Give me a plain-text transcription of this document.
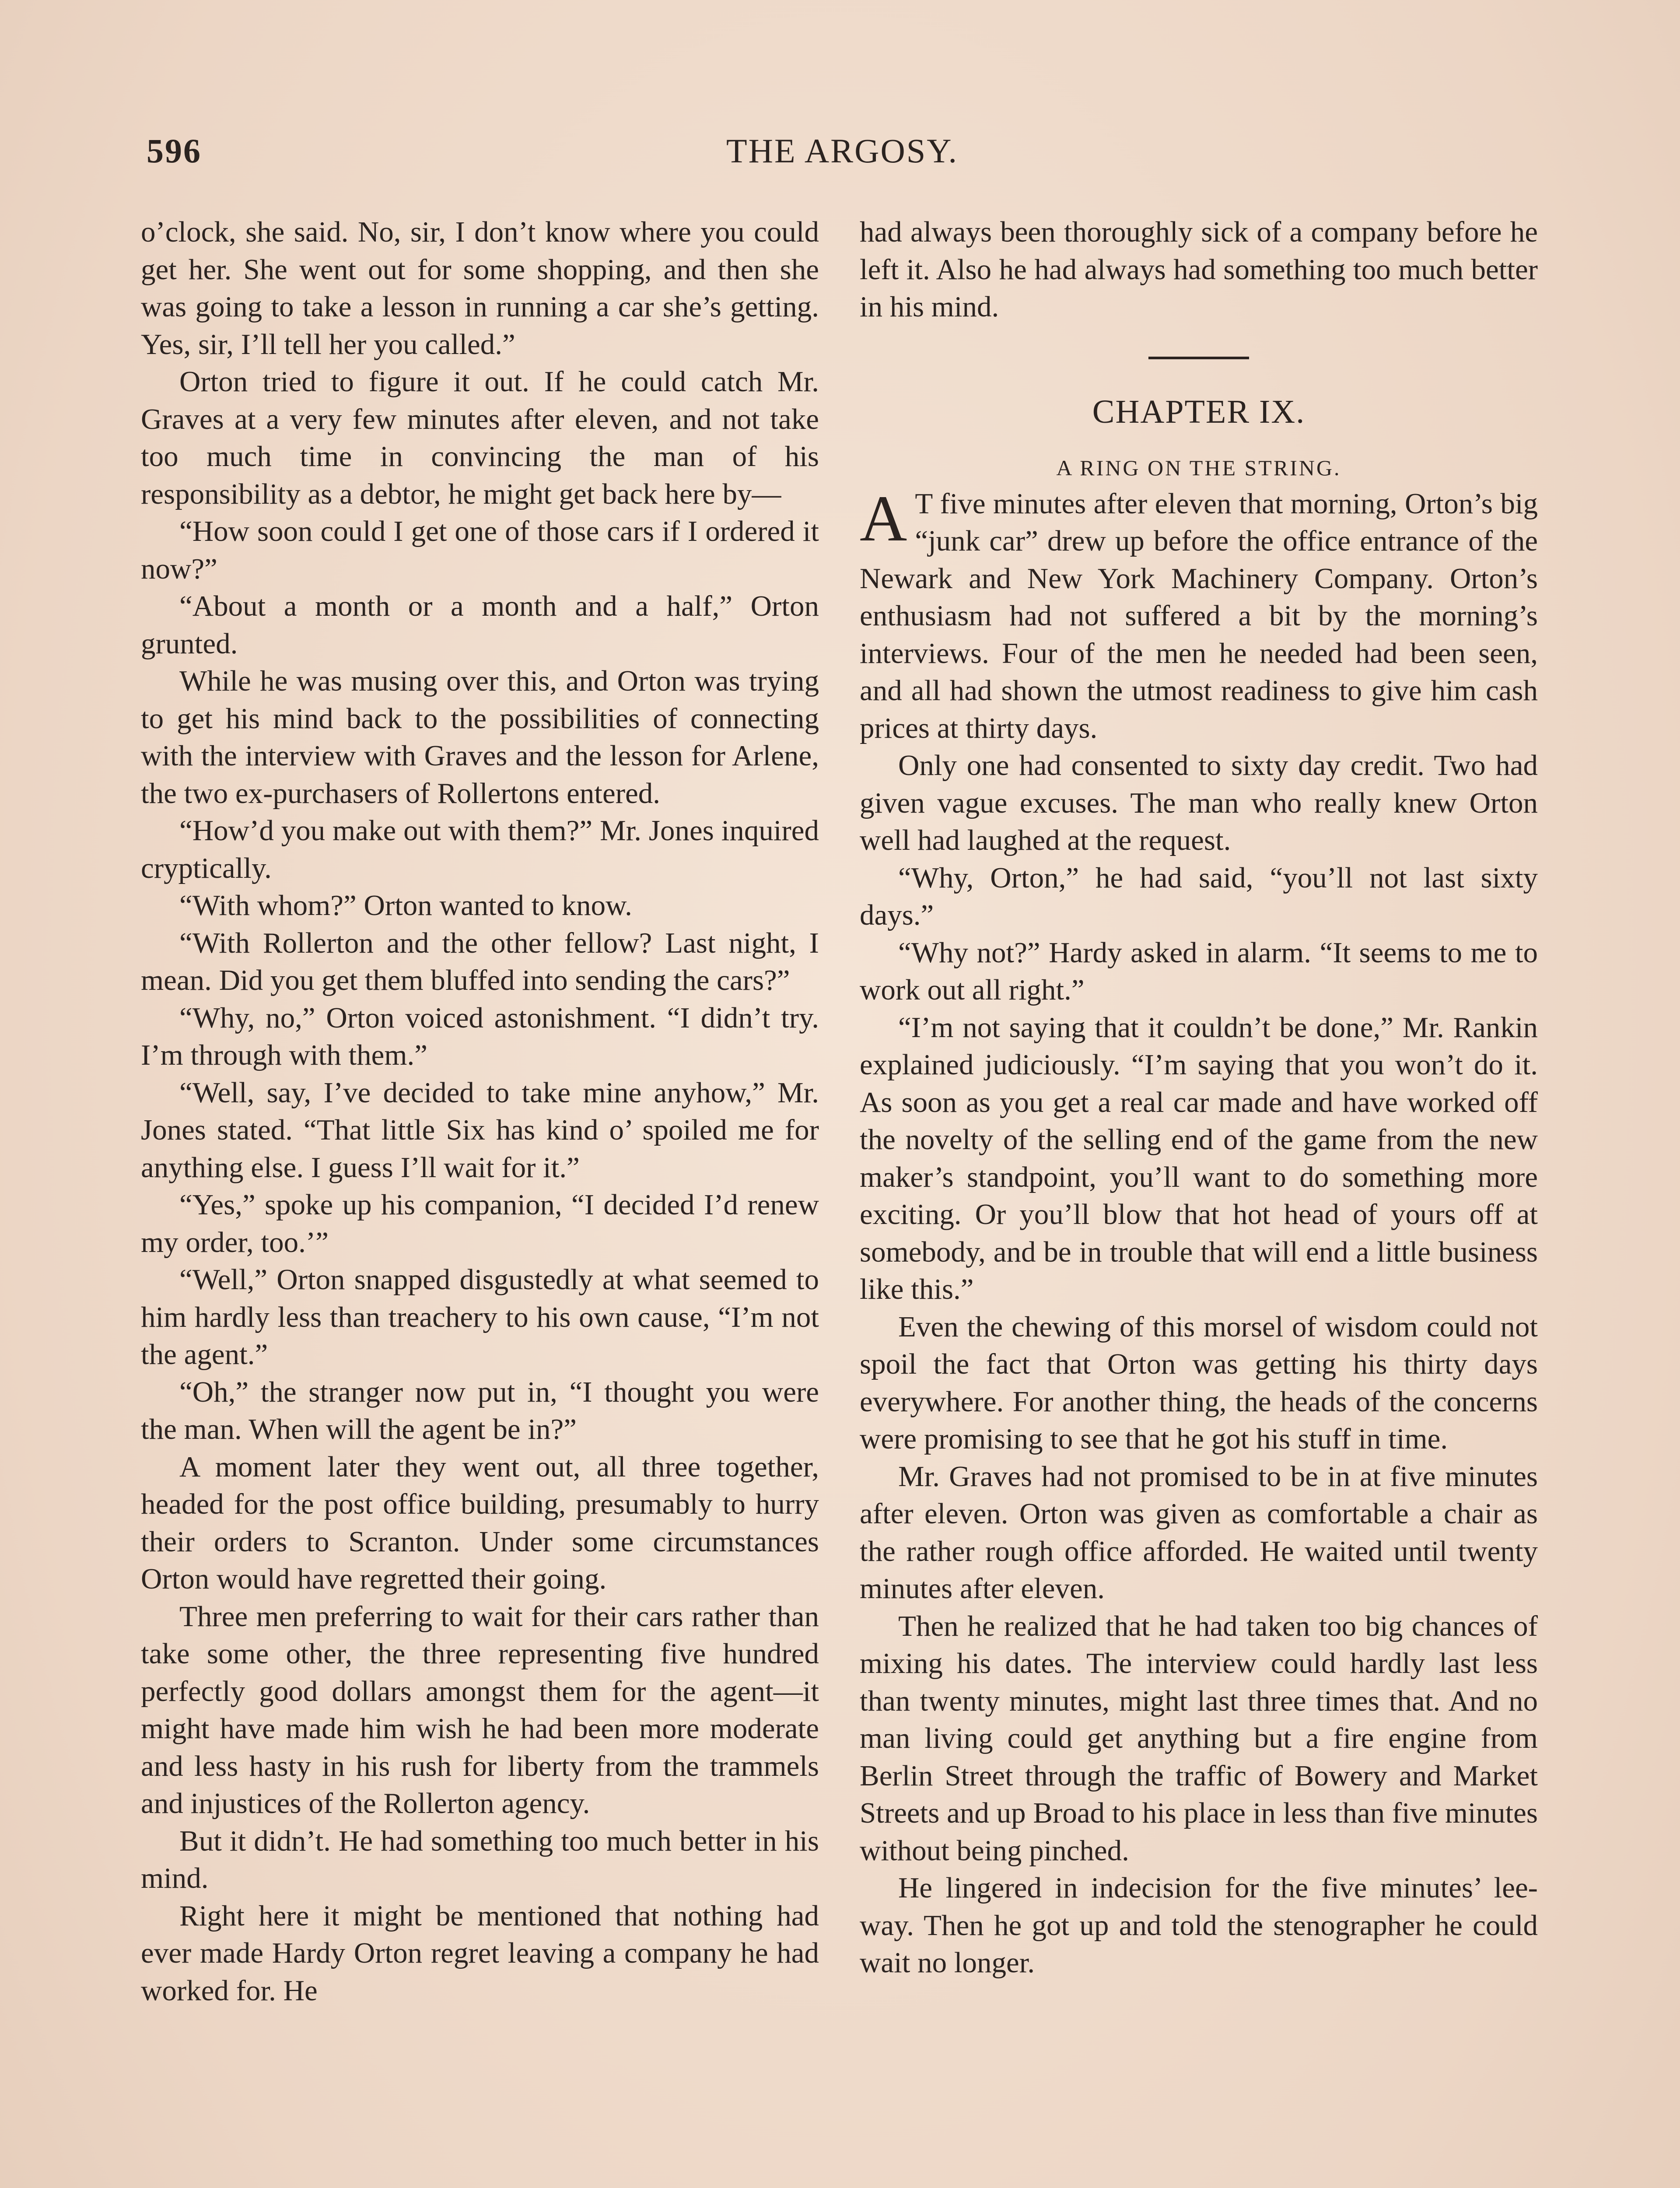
596	THE ARGOSY.

o’clock, she said. No, sir, I don’t know where you could get her. She went out for some shopping, and then she was going to take a lesson in running a car she’s getting. Yes, sir, I’ll tell her you called.”

Orton tried to figure it out. If he could catch Mr. Graves at a very few minutes after eleven, and not take too much time in convincing the man of his responsibility as a debtor, he might get back here by—

“How soon could I get one of those cars if I ordered it now?”

“About a month or a month and a half,” Orton grunted.

While he was musing over this, and Orton was trying to get his mind back to the possibilities of connecting with the interview with Graves and the lesson for Arlene, the two ex-purchasers of Rollertons entered.

“How’d you make out with them?” Mr. Jones inquired cryptically.

“With whom?” Orton wanted to know.

“With Rollerton and the other fellow? Last night, I mean. Did you get them bluffed into sending the cars?”

“Why, no,” Orton voiced astonishment. “I didn’t try. I’m through with them.”

“Well, say, I’ve decided to take mine anyhow,” Mr. Jones stated. “That little Six has kind o’ spoiled me for anything else. I guess I’ll wait for it.”

“Yes,” spoke up his companion, “I decided I’d renew my order, too.’”

“Well,” Orton snapped disgustedly at what seemed to him hardly less than treachery to his own cause, “I’m not the agent.”

“Oh,” the stranger now put in, “I thought you were the man. When will the agent be in?”

A moment later they went out, all three together, headed for the post office building, presumably to hurry their orders to Scranton. Under some circumstances Orton would have regretted their going.

Three men preferring to wait for their cars rather than take some other, the three representing five hundred perfectly good dollars amongst them for the agent—it might have made him wish he had been more moderate and less hasty in his rush for liberty from the trammels and injustices of the Rollerton agency.

But it didn’t. He had something too much better in his mind.

Right here it might be mentioned that nothing had ever made Hardy Orton regret leaving a company he had worked for. He

had always been thoroughly sick of a company before he left it. Also he had always had something too much better in his mind.

CHAPTER IX.
A RING ON THE STRING.

A T five minutes after eleven that morning, Orton’s big “junk car” drew up before the office entrance of the Newark and New York Machinery Company. Orton’s enthusiasm had not suffered a bit by the morning’s interviews. Four of the men he needed had been seen, and all had shown the utmost readiness to give him cash prices at thirty days.

Only one had consented to sixty day credit. Two had given vague excuses. The man who really knew Orton well had laughed at the request.

“Why, Orton,” he had said, “you’ll not last sixty days.”

“Why not?” Hardy asked in alarm. “It seems to me to work out all right.”

“I’m not saying that it couldn’t be done,” Mr. Rankin explained judiciously. “I’m saying that you won’t do it. As soon as you get a real car made and have worked off the novelty of the selling end of the game from the new maker’s standpoint, you’ll want to do something more exciting. Or you’ll blow that hot head of yours off at somebody, and be in trouble that will end a little business like this.”

Even the chewing of this morsel of wisdom could not spoil the fact that Orton was getting his thirty days everywhere. For another thing, the heads of the concerns were promising to see that he got his stuff in time.

Mr. Graves had not promised to be in at five minutes after eleven. Orton was given as comfortable a chair as the rather rough office afforded. He waited until twenty minutes after eleven.

Then he realized that he had taken too big chances of mixing his dates. The interview could hardly last less than twenty minutes, might last three times that. And no man living could get anything but a fire engine from Berlin Street through the traffic of Bowery and Market Streets and up Broad to his place in less than five minutes without being pinched.

He lingered in indecision for the five minutes’ lee-way. Then he got up and told the stenographer he could wait no longer.
